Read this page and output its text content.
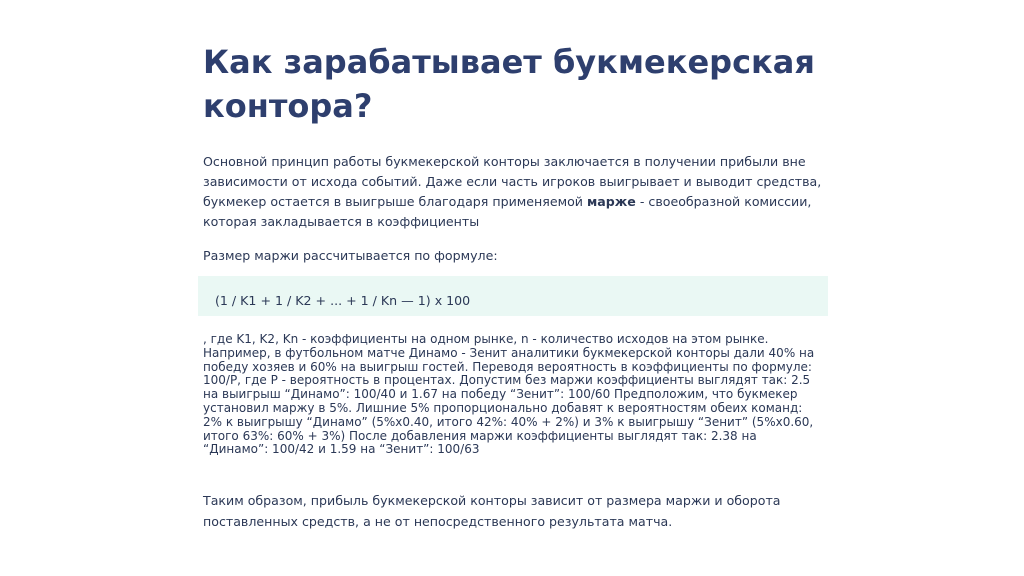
Как зарабатывает букмекерская контора?

Основной принцип работы букмекерской конторы заключается в получении прибыли вне зависимости от исхода событий. Даже если часть игроков выигрывает и выводит средства, букмекер остается в выигрыше благодаря применяемой марже - своеобразной комиссии, которая закладывается в коэффициенты

Размер маржи рассчитывается по формуле:

(1 / K1 + 1 / K2 + ... + 1 / Kn — 1) х 100

, где K1, K2, Kn - коэффициенты на одном рынке, n - количество исходов на этом рынке. Например, в футбольном матче Динамо - Зенит аналитики букмекерской конторы дали 40% на победу хозяев и 60% на выигрыш гостей. Переводя вероятность в коэффициенты по формуле: 100/P, где P - вероятность в процентах. Допустим без маржи коэффициенты выглядят так: 2.5 на выигрыш “Динамо”: 100/40 и 1.67 на победу “Зенит”: 100/60 Предположим, что букмекер установил маржу в 5%. Лишние 5% пропорционально добавят к вероятностям обеих команд: 2% к выигрышу “Динамо” (5%x0.40, итого 42%: 40% + 2%) и 3% к выигрышу “Зенит” (5%x0.60, итого 63%: 60% + 3%) После добавления маржи коэффициенты выглядят так: 2.38 на “Динамо”: 100/42 и 1.59 на “Зенит”: 100/63

Таким образом, прибыль букмекерской конторы зависит от размера маржи и оборота поставленных средств, а не от непосредственного результата матча.
